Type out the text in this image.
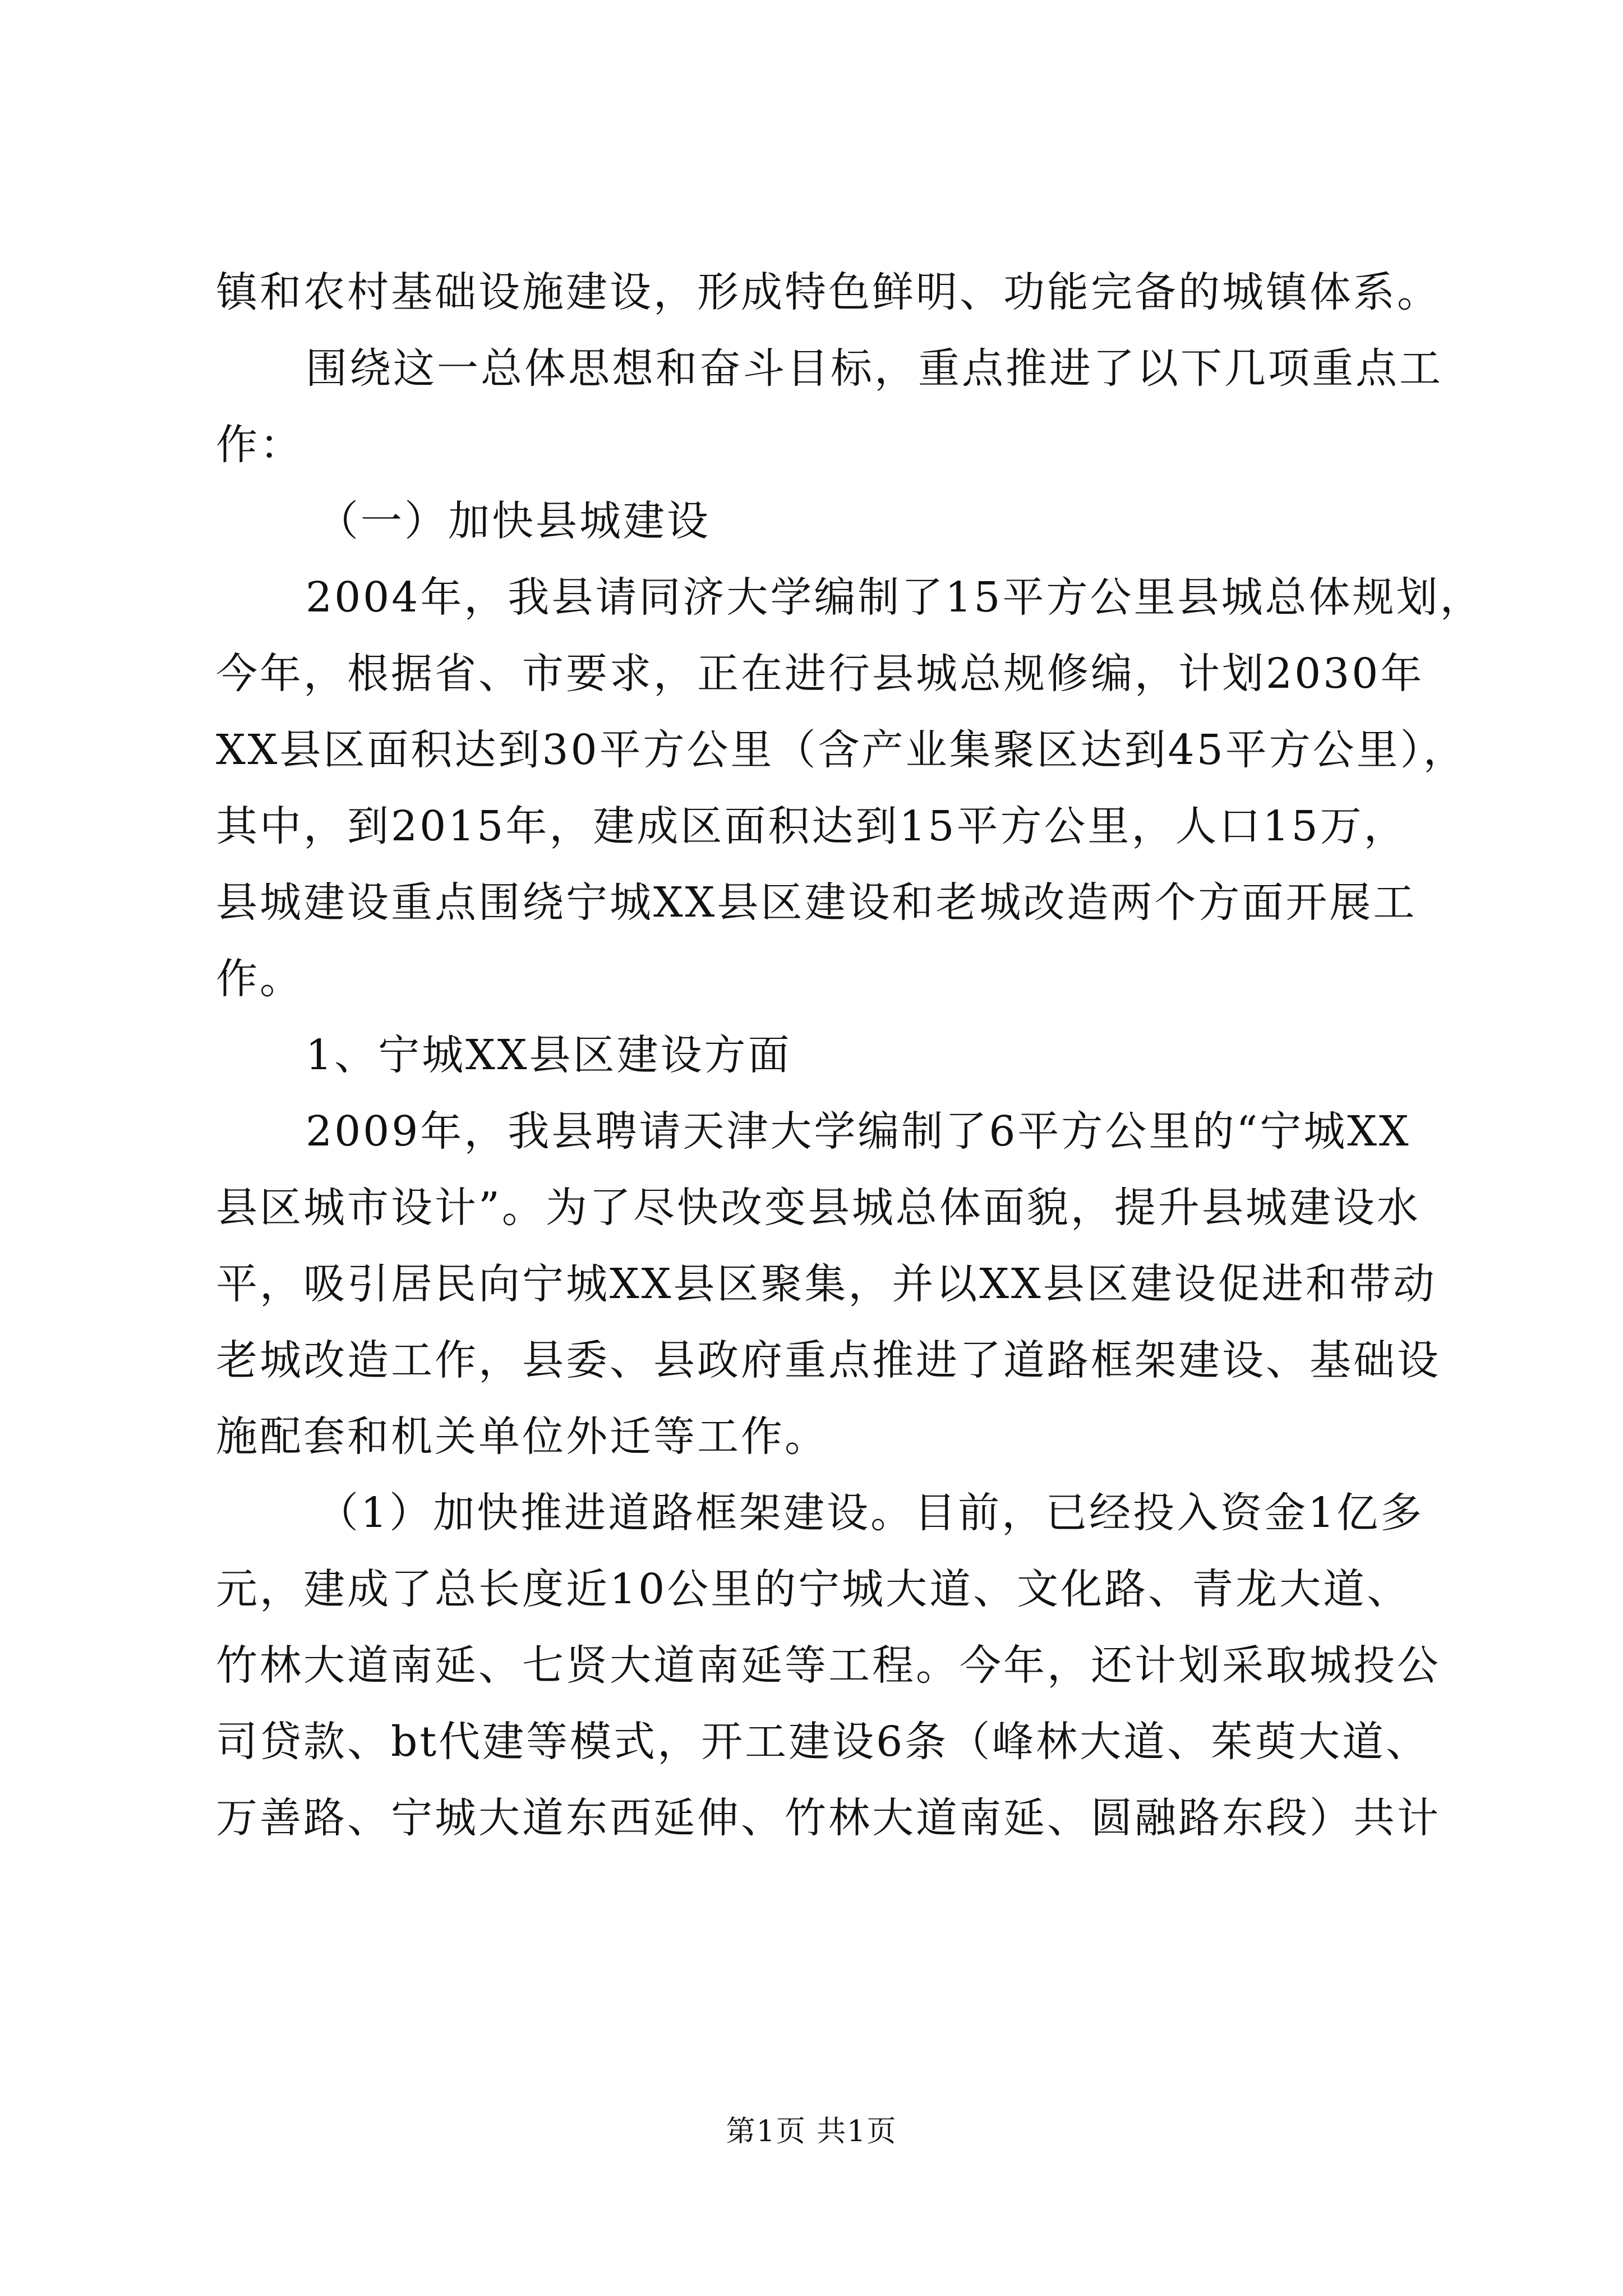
镇和农村基础设施建设，形成特色鲜明、功能完备的城镇体系。
围绕这一总体思想和奋斗目标，重点推进了以下几项重点工
作：
（一）加快县城建设
2004年，我县请同济大学编制了15平方公里县城总体规划，
今年，根据省、市要求，正在进行县城总规修编，计划2030年
XX县区面积达到30平方公里（含产业集聚区达到45平方公里），
其中，到2015年，建成区面积达到15平方公里，人口15万，
县城建设重点围绕宁城XX县区建设和老城改造两个方面开展工
作。
1、宁城XX县区建设方面
2009年，我县聘请天津大学编制了6平方公里的“宁城XX
县区城市设计”。为了尽快改变县城总体面貌，提升县城建设水
平，吸引居民向宁城XX县区聚集，并以XX县区建设促进和带动
老城改造工作，县委、县政府重点推进了道路框架建设、基础设
施配套和机关单位外迁等工作。
（1）加快推进道路框架建设。目前，已经投入资金1亿多
元，建成了总长度近10公里的宁城大道、文化路、青龙大道、
竹林大道南延、七贤大道南延等工程。今年，还计划采取城投公
司贷款、bt代建等模式，开工建设6条（峰林大道、茱萸大道、
万善路、宁城大道东西延伸、竹林大道南延、圆融路东段）共计
第1页 共1页
